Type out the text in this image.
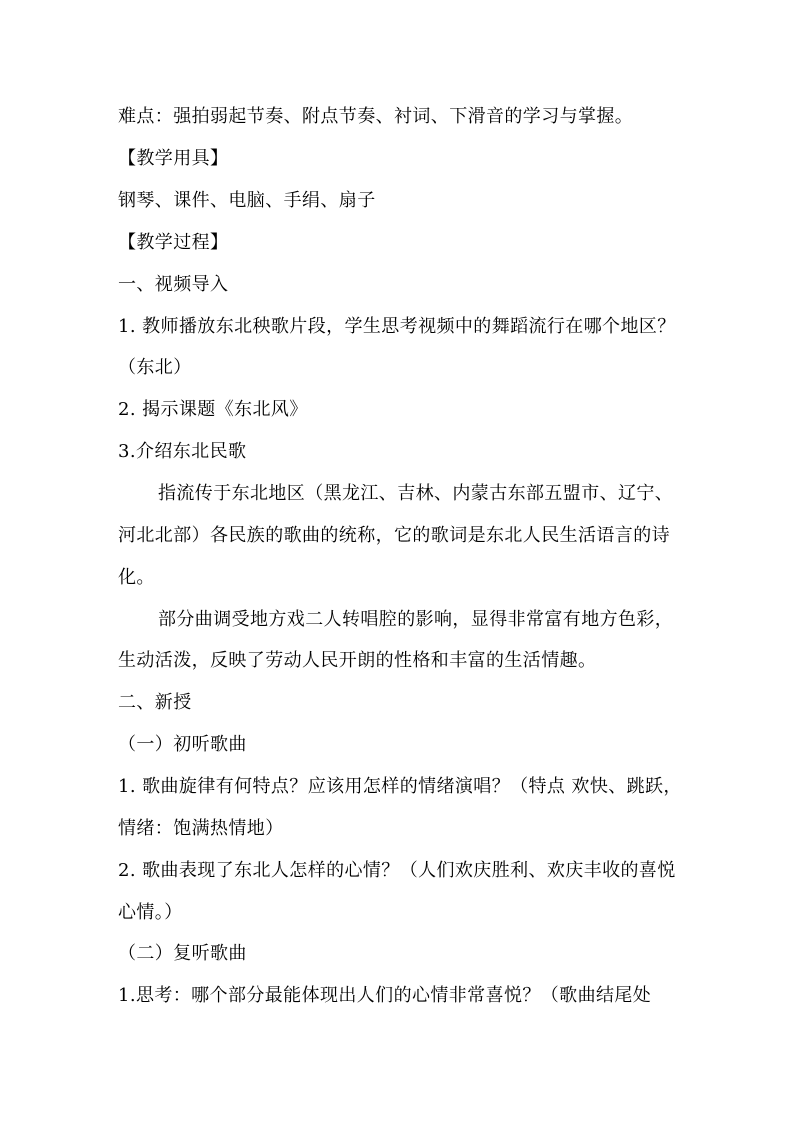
难点：强拍弱起节奏、附点节奏、衬词、下滑音的学习与掌握。
【教学用具】
钢琴、课件、电脑、手绢、扇子
【教学过程】
一、视频导入
1. 教师播放东北秧歌片段，学生思考视频中的舞蹈流行在哪个地区？
（东北）
2. 揭示课题《东北风》
3.介绍东北民歌
指流传于东北地区（黑龙江、吉林、内蒙古东部五盟市、辽宁、
河北北部）各民族的歌曲的统称，它的歌词是东北人民生活语言的诗
化。
部分曲调受地方戏二人转唱腔的影响，显得非常富有地方色彩，
生动活泼，反映了劳动人民开朗的性格和丰富的生活情趣。
二、新授
（一）初听歌曲
1. 歌曲旋律有何特点？应该用怎样的情绪演唱？（特点 欢快、跳跃，
情绪：饱满热情地）
2. 歌曲表现了东北人怎样的心情？（人们欢庆胜利、欢庆丰收的喜悦
心情。）
（二）复听歌曲
1.思考：哪个部分最能体现出人们的心情非常喜悦？（歌曲结尾处
